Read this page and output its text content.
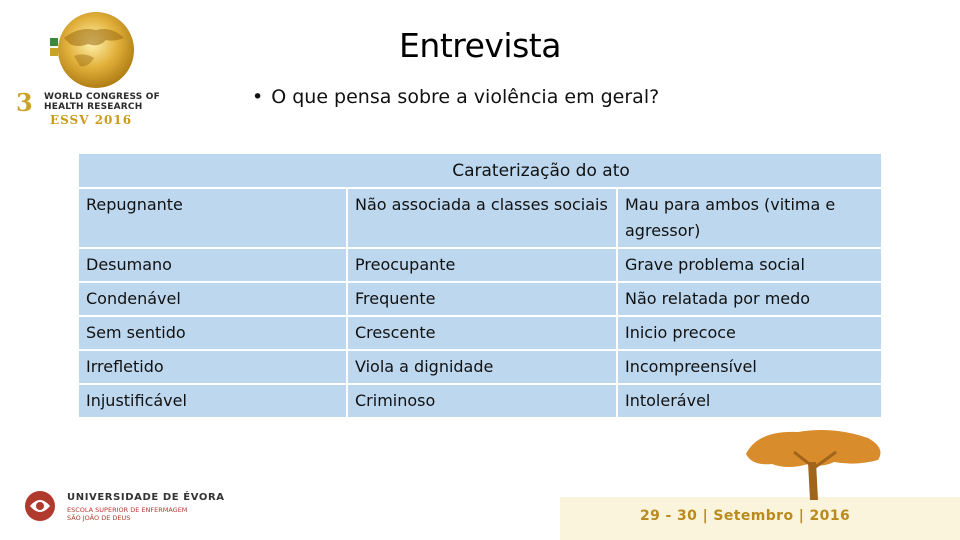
3 WORLD CONGRESS OF
HEALTH RESEARCH
ESSV 2016
Entrevista
• O que pensa sobre a violência em geral?
Caraterização do ato		
Repugnante	Não associada a classes sociais	Mau para ambos (vitima e agressor)
Desumano	Preocupante	Grave problema social
Condenável	Frequente	Não relatada por medo
Sem sentido	Crescente	Inicio precoce
Irrefletido	Viola a dignidade	Incompreensível
Injustificável	Criminoso	Intolerável
29 - 30 | Setembro | 2016
UNIVERSIDADE DE ÉVORA
ESCOLA SUPERIOR DE ENFERMAGEM
SÃO JOÃO DE DEUS
